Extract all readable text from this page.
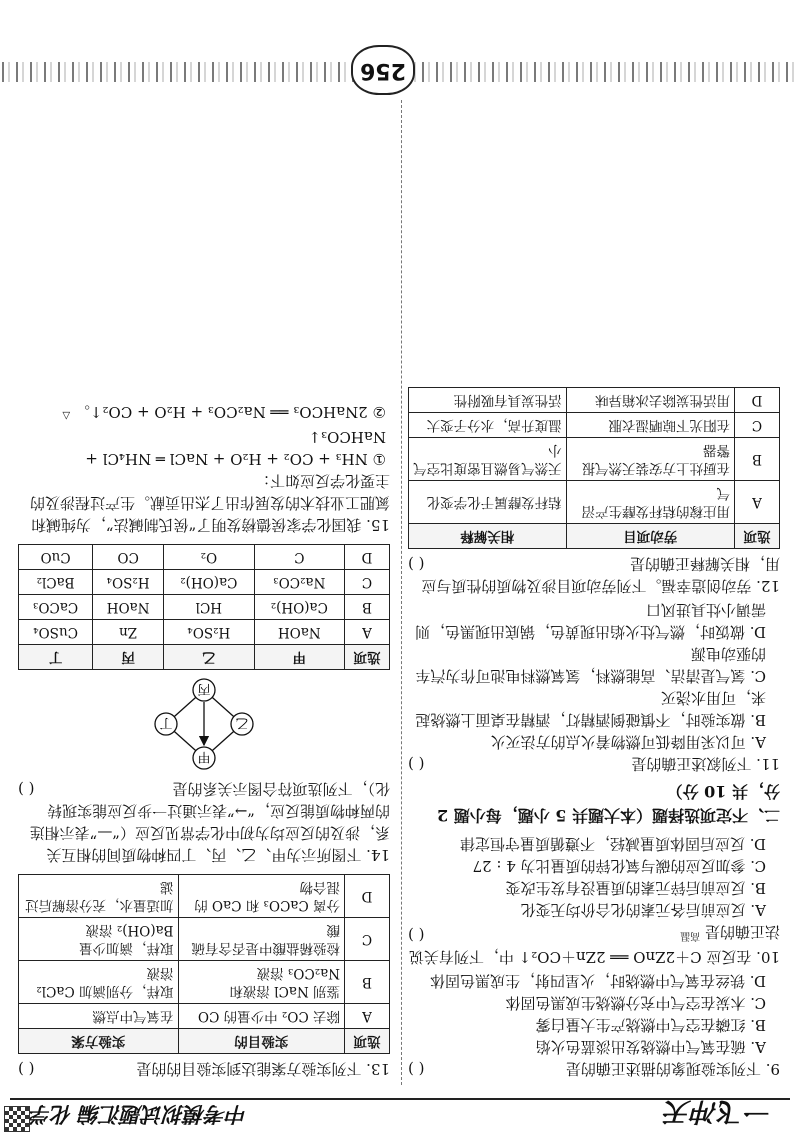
一飞冲天
中考模拟试题汇编 化学
9. 下列实验现象的描述正确的是
( )
A. 硫在氧气中燃烧发出淡蓝色火焰
B. 红磷在空气中燃烧产生大量白雾
C. 木炭在空气中充分燃烧生成黑色固体
D. 铁丝在氧气中燃烧时，火星四射，生成黑色固体
10. 在反应 C＋2ZnO ══ 2Zn＋CO₂↑ 中，下列有关说法正确的是 $^{高温}$
( )
A. 反应前后各元素的化合价均无变化
B. 反应前后锌元素的质量没有发生改变
C. 参加反应的碳与氧化锌的质量比为 4 : 27
D. 反应后固体质量减轻，不遵循质量守恒定律
二、不定项选择题（本大题共 5 小题，每小题 2 分，共 10 分）
11. 下列叙述正确的是
( )
A. 可以采用降低可燃物着火点的方法灭火
B. 做实验时，不慎碰倒酒精灯，酒精在桌面上燃烧起来，可用水浇灭
C. 氢气是清洁、高能燃料，氢氧燃料电池可作为汽车的驱动电源
D. 做饭时，燃气灶火焰出现黄色，锅底出现黑色，则需调小灶具进风口
12. 劳动创造幸福。下列劳动项目涉及物质的性质与应用，相关解释正确的是
( )
选项	劳动项目	相关解释
A	用庄稼的秸秆发酵生产沼气	秸秆发酵属于化学变化
B	在厨灶上方安装天然气报警器	天然气易燃且密度比空气小
C	在阳光下晾晒湿衣服	温度升高，水分子变大
D	用活性炭除去冰箱异味	活性炭具有吸附性
13. 下列实验方案能达到实验目的的是
( )
选项	实验目的	实验方案
A	除去 CO₂ 中少量的 CO	在氧气中点燃
B	鉴别 NaCl 溶液和 Na₂CO₃ 溶液	取样，分别滴加 CaCl₂ 溶液
C	检验稀盐酸中是否含有硫酸	取样，滴加少量 Ba(OH)₂ 溶液
D	分离 CaCO₃ 和 CaO 的混合物	加适量水，充分溶解后过滤
14. 下图所示为甲、乙、丙、丁四种物质间的相互关系，涉及的反应均为初中化学常见反应（“—”表示相连的两种物质能反应，“→”表示通过一步反应能实现转化），下列选项符合图示关系的是
( )
丙
乙
丁
甲
选项	甲	乙	丙	丁
A	NaOH	H₂SO₄	Zn	CuSO₄
B	Ca(OH)₂	HCl	NaOH	CaCO₃
C	Na₂CO₃	Ca(OH)₂	H₂SO₄	BaCl₂
D	C	O₂	CO	CuO
15. 我国化学家侯德榜发明了“侯氏制碱法”，为纯碱和氮肥工业技术的发展作出了杰出贡献。生产过程涉及的主要化学反应如下：
① NH₃ + CO₂ + H₂O + NaCl ═ NH₄Cl + NaHCO₃↓
② 2NaHCO₃ ══ Na₂CO₃ + H₂O + CO₂↑。 △
256
